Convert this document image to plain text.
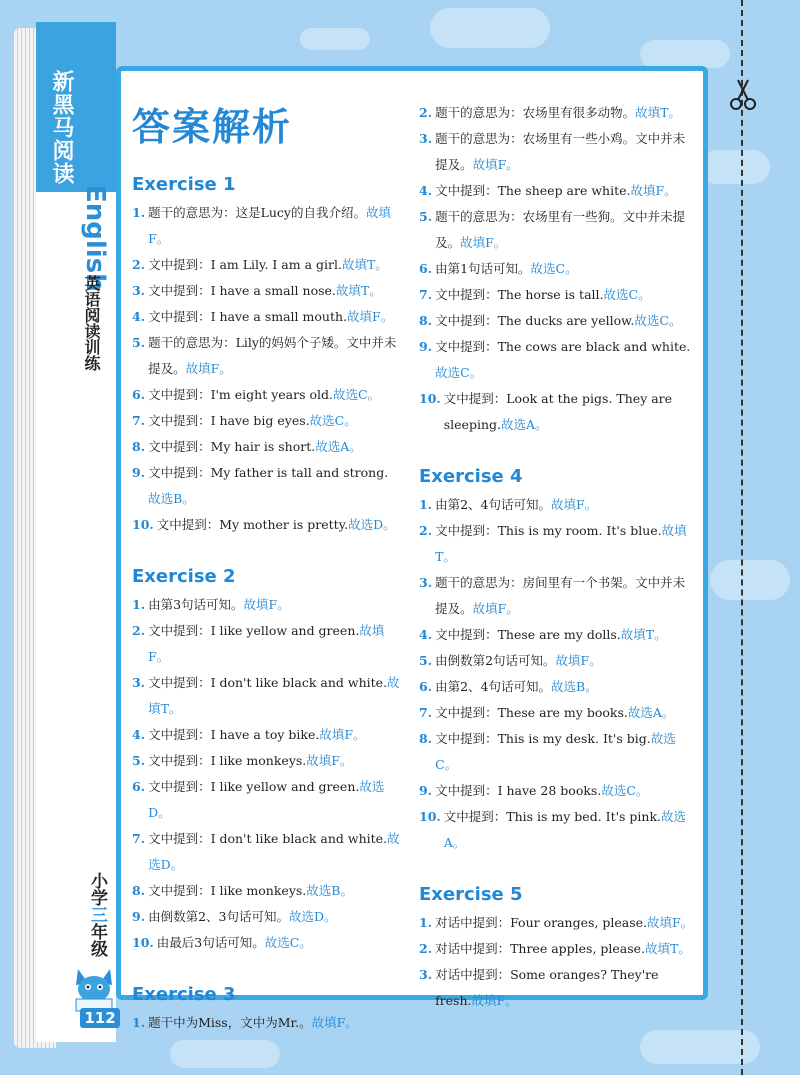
新黑马阅读
English
英语阅读训练
小学三年级
112
答案解析
Exercise 1
1. 题干的意思为：这是Lucy的自我介绍。故填F。
2. 文中提到：I am Lily. I am a girl.故填T。
3. 文中提到：I have a small nose.故填T。
4. 文中提到：I have a small mouth.故填F。
5. 题干的意思为：Lily的妈妈个子矮。文中并未提及。故填F。
6. 文中提到：I'm eight years old.故选C。
7. 文中提到：I have big eyes.故选C。
8. 文中提到：My hair is short.故选A。
9. 文中提到：My father is tall and strong.故选B。
10. 文中提到：My mother is pretty.故选D。
Exercise 2
1. 由第3句话可知。故填F。
2. 文中提到：I like yellow and green.故填F。
3. 文中提到：I don't like black and white.故填T。
4. 文中提到：I have a toy bike.故填F。
5. 文中提到：I like monkeys.故填F。
6. 文中提到：I like yellow and green.故选D。
7. 文中提到：I don't like black and white.故选D。
8. 文中提到：I like monkeys.故选B。
9. 由倒数第2、3句话可知。故选D。
10. 由最后3句话可知。故选C。
Exercise 3
1. 题干中为Miss，文中为Mr.。故填F。
2. 题干的意思为：农场里有很多动物。故填T。
3. 题干的意思为：农场里有一些小鸡。文中并未提及。故填F。
4. 文中提到：The sheep are white.故填F。
5. 题干的意思为：农场里有一些狗。文中并未提及。故填F。
6. 由第1句话可知。故选C。
7. 文中提到：The horse is tall.故选C。
8. 文中提到：The ducks are yellow.故选C。
9. 文中提到：The cows are black and white.故选C。
10. 文中提到：Look at the pigs. They are sleeping.故选A。
Exercise 4
1. 由第2、4句话可知。故填F。
2. 文中提到：This is my room. It's blue.故填T。
3. 题干的意思为：房间里有一个书架。文中并未提及。故填F。
4. 文中提到：These are my dolls.故填T。
5. 由倒数第2句话可知。故填F。
6. 由第2、4句话可知。故选B。
7. 文中提到：These are my books.故选A。
8. 文中提到：This is my desk. It's big.故选C。
9. 文中提到：I have 28 books.故选C。
10. 文中提到：This is my bed. It's pink.故选A。
Exercise 5
1. 对话中提到：Four oranges, please.故填F。
2. 对话中提到：Three apples, please.故填T。
3. 对话中提到：Some oranges? They're fresh.故填F。
